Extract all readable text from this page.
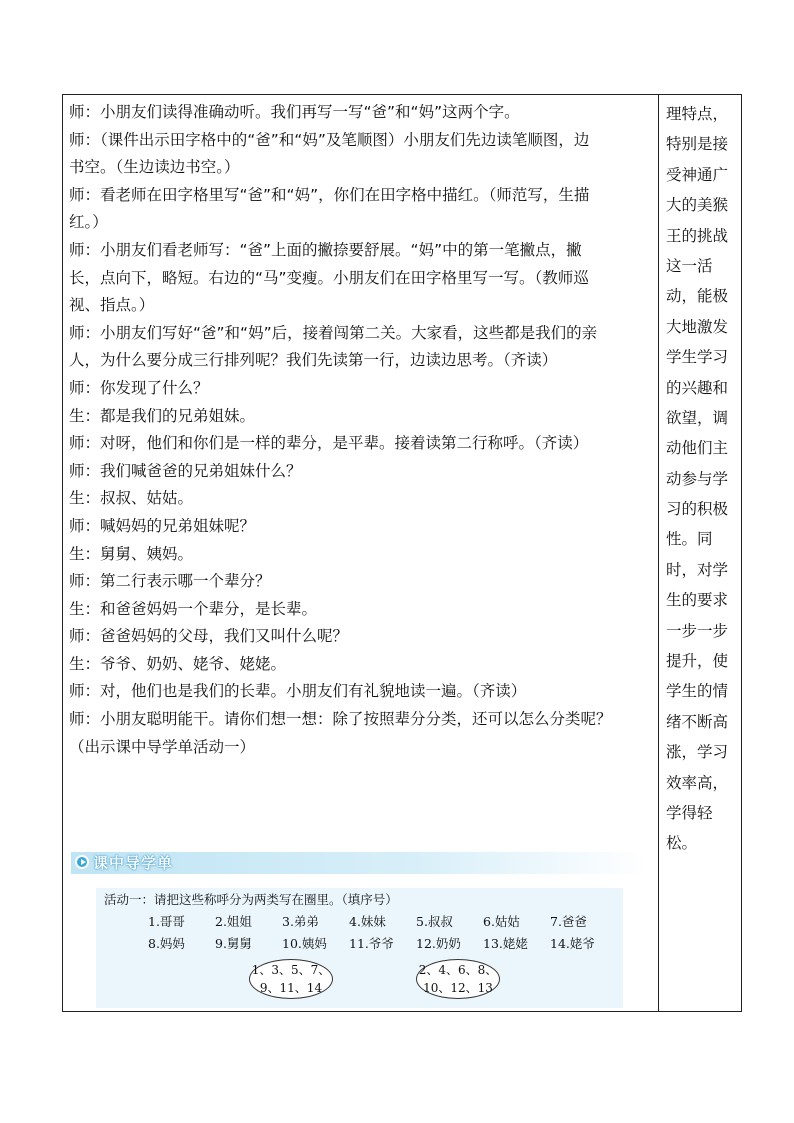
师：小朋友们读得准确动听。我们再写一写“爸”和“妈”这两个字。
师：（课件出示田字格中的“爸”和“妈”及笔顺图）小朋友们先边读笔顺图，边
书空。（生边读边书空。）
师：看老师在田字格里写“爸”和“妈”，你们在田字格中描红。（师范写，生描
红。）
师：小朋友们看老师写：“爸”上面的撇捺要舒展。“妈”中的第一笔撇点，撇
长，点向下，略短。右边的“马”变瘦。小朋友们在田字格里写一写。（教师巡
视、指点。）
师：小朋友们写好“爸”和“妈”后，接着闯第二关。大家看，这些都是我们的亲
人，为什么要分成三行排列呢？我们先读第一行，边读边思考。（齐读）
师：你发现了什么？
生：都是我们的兄弟姐妹。
师：对呀，他们和你们是一样的辈分，是平辈。接着读第二行称呼。（齐读）
师：我们喊爸爸的兄弟姐妹什么？
生：叔叔、姑姑。
师：喊妈妈的兄弟姐妹呢？
生：舅舅、姨妈。
师：第二行表示哪一个辈分？
生：和爸爸妈妈一个辈分，是长辈。
师：爸爸妈妈的父母，我们又叫什么呢？
生：爷爷、奶奶、姥爷、姥姥。
师：对，他们也是我们的长辈。小朋友们有礼貌地读一遍。（齐读）
师：小朋友聪明能干。请你们想一想：除了按照辈分分类，还可以怎么分类呢？
（出示课中导学单活动一）
理特点，
特别是接
受神通广
大的美猴
王的挑战
这一活
动，能极
大地激发
学生学习
的兴趣和
欲望，调
动他们主
动参与学
习的积极
性。同
时，对学
生的要求
一步一步
提升，使
学生的情
绪不断高
涨，学习
效率高，
学得轻
松。
课中导学单
活动一：请把这些称呼分为两类写在圈里。（填序号）
1.哥哥 2.姐姐 3.弟弟 4.妹妹 5.叔叔 6.姑姑 7.爸爸
8.妈妈 9.舅舅 10.姨妈 11.爷爷 12.奶奶 13.姥姥 14.姥爷
1、3、5、7、
9、11、14
2、4、6、8、
10、12、13
